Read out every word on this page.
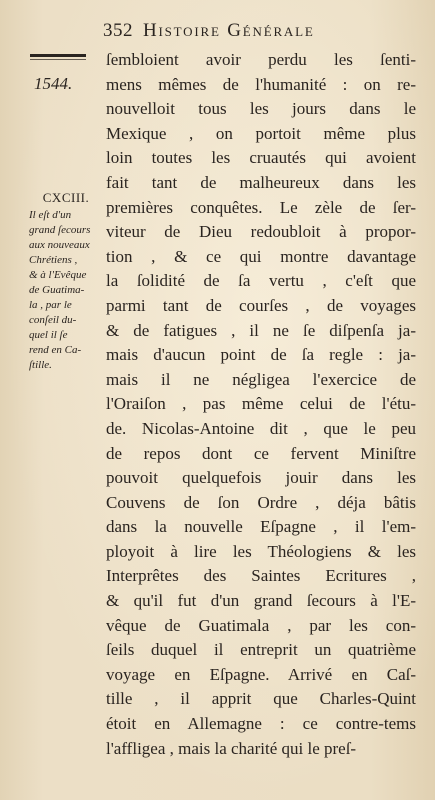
352 Histoire Générale
1544.
CXCIII.
Il eſt d'un
grand ſecours
aux nouveaux
Chrétiens ,
& à l'Evêque
de Guatima-
la , par le
conſeil du-
quel il ſe
rend en Ca-
ſtille.
ſembloient avoir perdu les ſenti-
mens mêmes de l'humanité : on re-
nouvelloit tous les jours dans le
Mexique , on portoit même plus
loin toutes les cruautés qui avoient
fait tant de malheureux dans les
premières conquêtes. Le zèle de ſer-
viteur de Dieu redoubloit à propor-
tion , & ce qui montre davantage
la ſolidité de ſa vertu , c'eſt que
parmi tant de courſes , de voyages
& de fatigues , il ne ſe diſpenſa ja-
mais d'aucun point de ſa regle : ja-
mais il ne négligea l'exercice de
l'Oraiſon , pas même celui de l'étu-
de. Nicolas-Antoine dit , que le peu
de repos dont ce fervent Miniſtre
pouvoit quelquefois jouir dans les
Couvens de ſon Ordre , déja bâtis
dans la nouvelle Eſpagne , il l'em-
ployoit à lire les Théologiens & les
Interprêtes des Saintes Ecritures ,
& qu'il fut d'un grand ſecours à l'E-
vêque de Guatimala , par les con-
ſeils duquel il entreprit un quatrième
voyage en Eſpagne. Arrivé en Caſ-
tille , il apprit que Charles-Quint
étoit en Allemagne : ce contre-tems
l'affligea , mais la charité qui le preſ-
